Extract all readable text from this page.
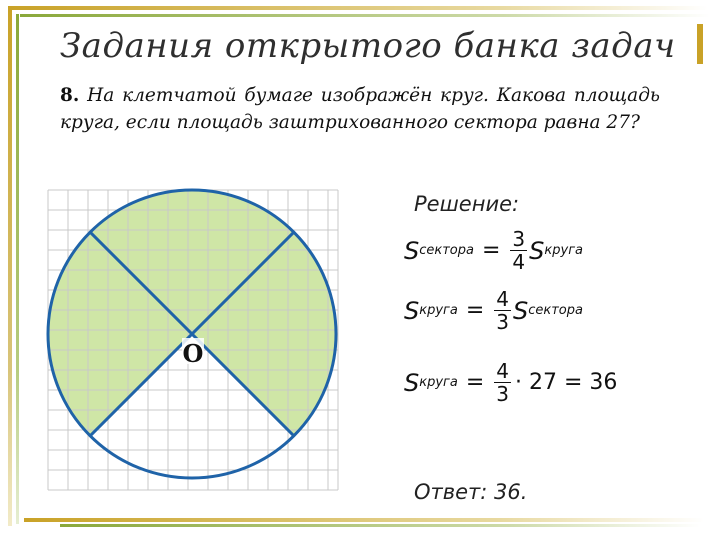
Задания открытого банка задач
8. На клетчатой бумаге изображён круг. Какова площадь круга, если площадь заштрихованного сектора равна 27?
O
Решение:
S сектора = $\frac{3}{4}$ S круга
S круга = $\frac{4}{3}$ S сектора
S круга = $\frac{4}{3} \cdot 27 = 36$
Ответ: 36.
